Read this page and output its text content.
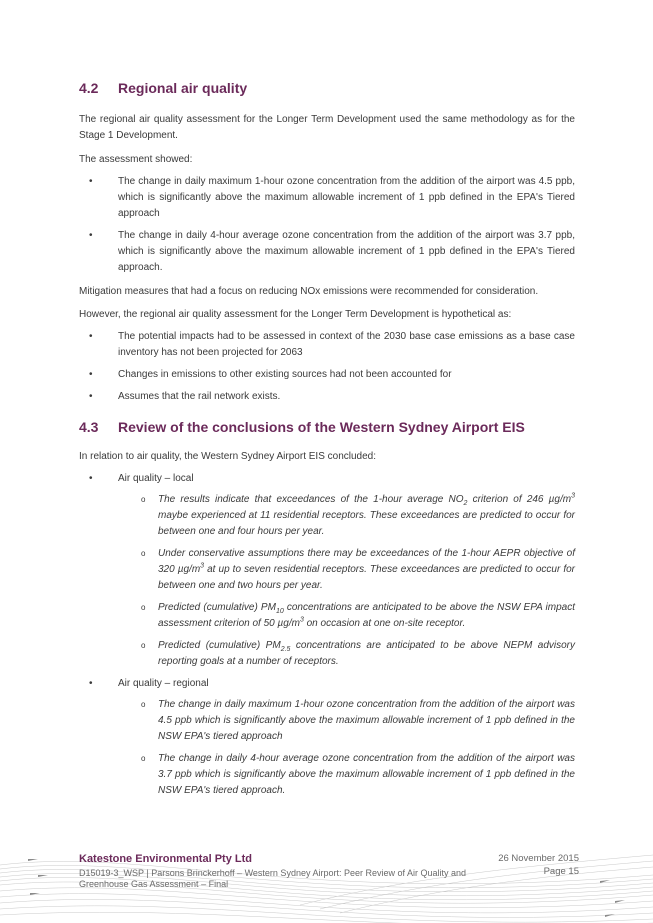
4.2	Regional air quality

The regional air quality assessment for the Longer Term Development used the same methodology as for the Stage 1 Development.

The assessment showed:

• The change in daily maximum 1-hour ozone concentration from the addition of the airport was 4.5 ppb, which is significantly above the maximum allowable increment of 1 ppb defined in the EPA's Tiered approach
• The change in daily 4-hour average ozone concentration from the addition of the airport was 3.7 ppb, which is significantly above the maximum allowable increment of 1 ppb defined in the EPA's Tiered approach.

Mitigation measures that had a focus on reducing NOx emissions were recommended for consideration.

However, the regional air quality assessment for the Longer Term Development is hypothetical as:

• The potential impacts had to be assessed in context of the 2030 base case emissions as a base case inventory has not been projected for 2063
• Changes in emissions to other existing sources had not been accounted for
• Assumes that the rail network exists.
4.3	Review of the conclusions of the Western Sydney Airport EIS

In relation to air quality, the Western Sydney Airport EIS concluded:

• Air quality – local
o The results indicate that exceedances of the 1-hour average $NO_2$ criterion of 246 $\mu g/m^3$ maybe experienced at 11 residential receptors. These exceedances are predicted to occur for between one and four hours per year.
o Under conservative assumptions there may be exceedances of the 1-hour AEPR objective of 320 $\mu g/m^3$ at up to seven residential receptors. These exceedances are predicted to occur for between one and two hours per year.
o Predicted (cumulative) $PM_{10}$ concentrations are anticipated to be above the NSW EPA impact assessment criterion of 50 $\mu g/m^3$ on occasion at one on-site receptor.
o Predicted (cumulative) $PM_{2.5}$ concentrations are anticipated to be above NEPM advisory reporting goals at a number of receptors.
• Air quality – regional
o The change in daily maximum 1-hour ozone concentration from the addition of the airport was 4.5 ppb which is significantly above the maximum allowable increment of 1 ppb defined in the NSW EPA's tiered approach
o The change in daily 4-hour average ozone concentration from the addition of the airport was 3.7 ppb which is significantly above the maximum allowable increment of 1 ppb defined in the NSW EPA's tiered approach.
Katestone Environmental Pty Ltd
D15019-3_WSP | Parsons Brinckerhoff – Western Sydney Airport: Peer Review of Air Quality and Greenhouse Gas Assessment – Final
26 November 2015
Page 15
